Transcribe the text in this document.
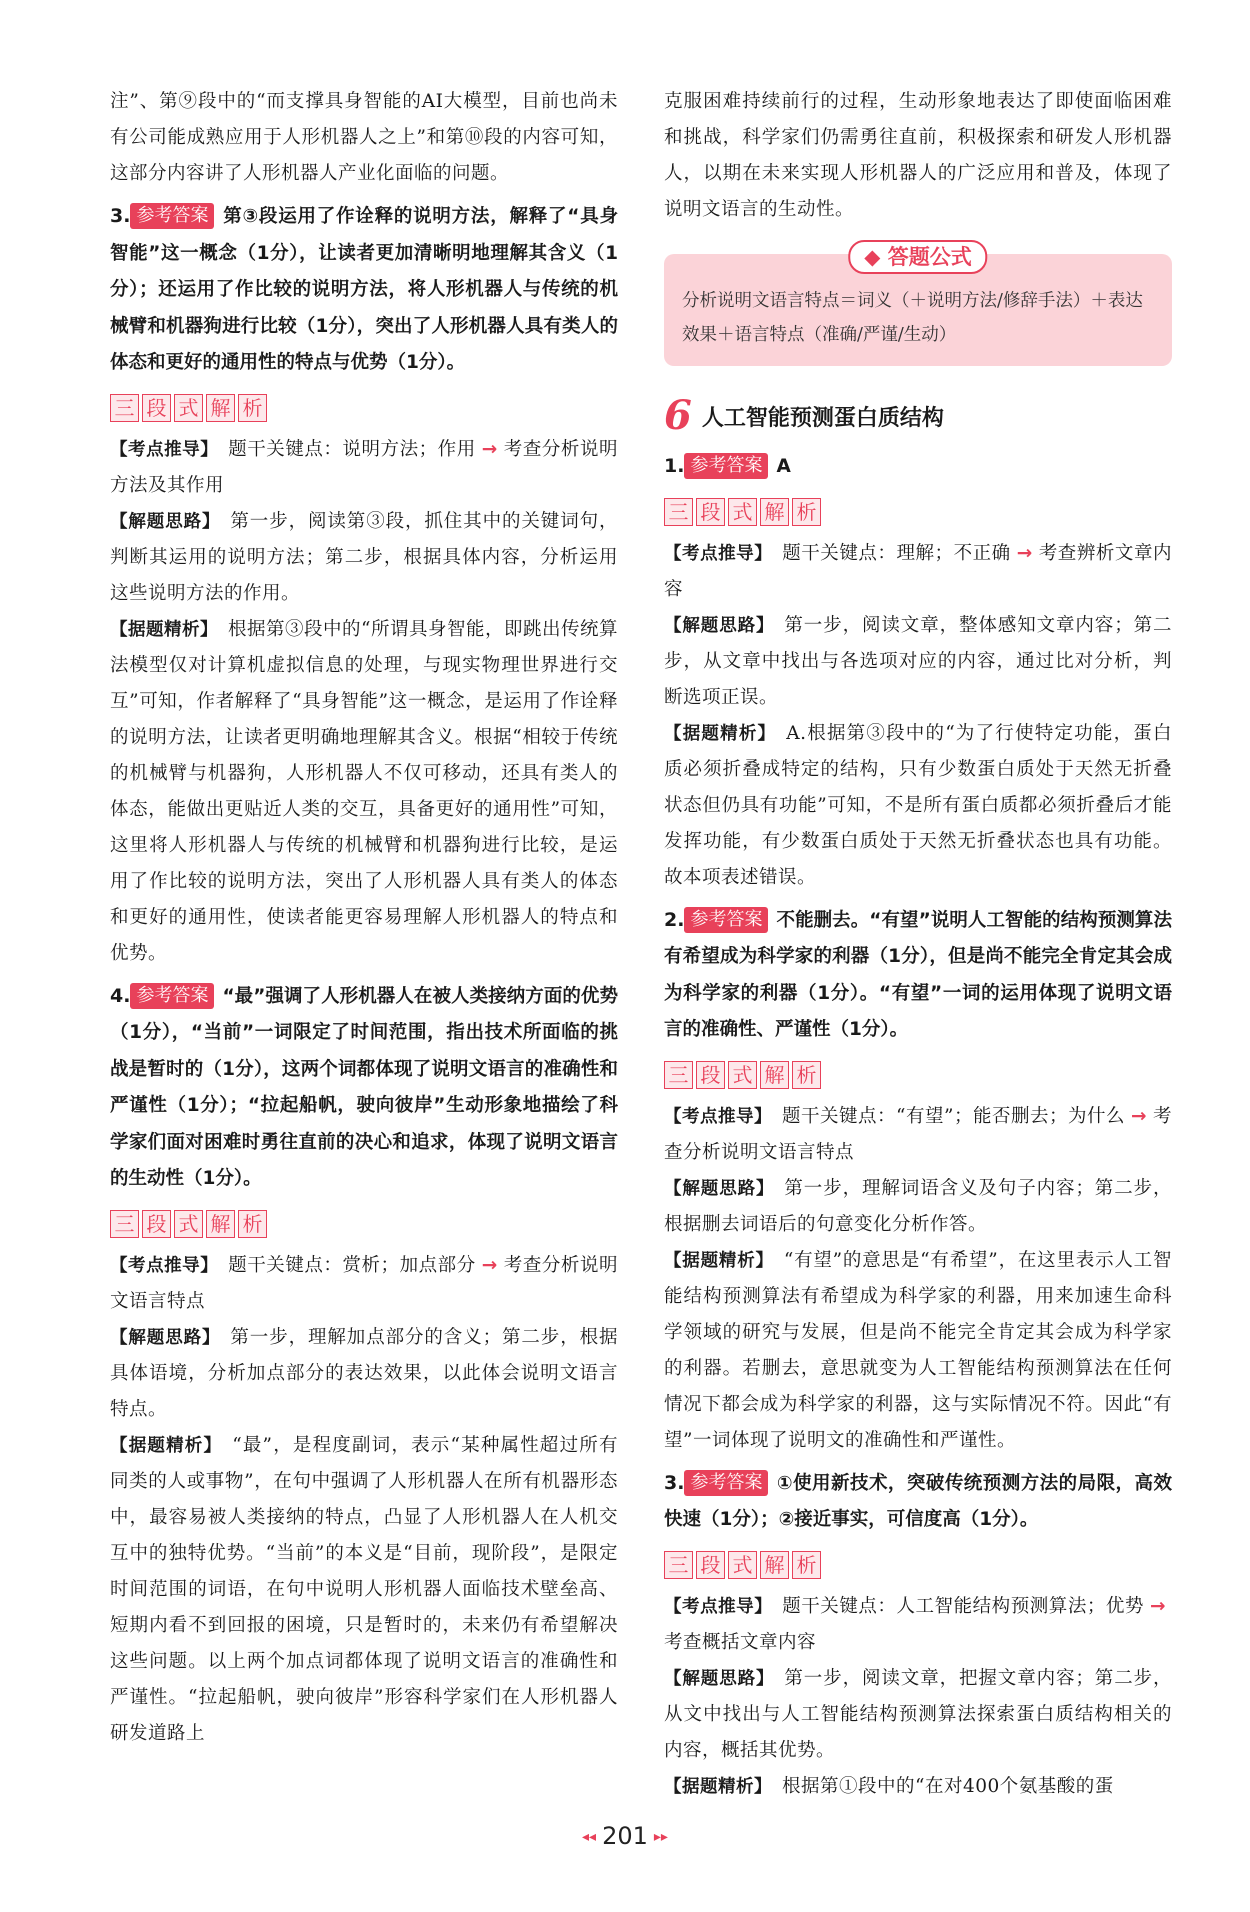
注”、第⑨段中的“而支撑具身智能的AI大模型，目前也尚未有公司能成熟应用于人形机器人之上”和第⑩段的内容可知，这部分内容讲了人形机器人产业化面临的问题。

3. 参考答案 第③段运用了作诠释的说明方法，解释了“具身智能”这一概念（1分），让读者更加清晰明地理解其含义（1分）；还运用了作比较的说明方法，将人形机器人与传统的机械臂和机器狗进行比较（1分），突出了人形机器人具有类人的体态和更好的通用性的特点与优势（1分）。

三 段 式 解 析

【考点推导】 题干关键点：说明方法；作用 → 考查分析说明方法及其作用

【解题思路】 第一步，阅读第③段，抓住其中的关键词句，判断其运用的说明方法；第二步，根据具体内容，分析运用这些说明方法的作用。

【据题精析】 根据第③段中的“所谓具身智能，即跳出传统算法模型仅对计算机虚拟信息的处理，与现实物理世界进行交互”可知，作者解释了“具身智能”这一概念，是运用了作诠释的说明方法，让读者更明确地理解其含义。根据“相较于传统的机械臂与机器狗，人形机器人不仅可移动，还具有类人的体态，能做出更贴近人类的交互，具备更好的通用性”可知，这里将人形机器人与传统的机械臂和机器狗进行比较，是运用了作比较的说明方法，突出了人形机器人具有类人的体态和更好的通用性，使读者能更容易理解人形机器人的特点和优势。

4. 参考答案 “最”强调了人形机器人在被人类接纳方面的优势（1分），“当前”一词限定了时间范围，指出技术所面临的挑战是暂时的（1分），这两个词都体现了说明文语言的准确性和严谨性（1分）；“拉起船帆，驶向彼岸”生动形象地描绘了科学家们面对困难时勇往直前的决心和追求，体现了说明文语言的生动性（1分）。

三 段 式 解 析

【考点推导】 题干关键点：赏析；加点部分 → 考查分析说明文语言特点

【解题思路】 第一步，理解加点部分的含义；第二步，根据具体语境，分析加点部分的表达效果，以此体会说明文语言特点。

【据题精析】 “最”，是程度副词，表示“某种属性超过所有同类的人或事物”，在句中强调了人形机器人在所有机器形态中，最容易被人类接纳的特点，凸显了人形机器人在人机交互中的独特优势。“当前”的本义是“目前，现阶段”，是限定时间范围的词语，在句中说明人形机器人面临技术壁垒高、短期内看不到回报的困境，只是暂时的，未来仍有希望解决这些问题。以上两个加点词都体现了说明文语言的准确性和严谨性。“拉起船帆，驶向彼岸”形容科学家们在人形机器人研发道路上

克服困难持续前行的过程，生动形象地表达了即使面临困难和挑战，科学家们仍需勇往直前，积极探索和研发人形机器人，以期在未来实现人形机器人的广泛应用和普及，体现了说明文语言的生动性。

◆ 答题公式

分析说明文语言特点＝词义（＋说明方法/修辞手法）＋表达效果＋语言特点（准确/严谨/生动）

6 人工智能预测蛋白质结构

1. 参考答案 A

三 段 式 解 析

【考点推导】 题干关键点：理解；不正确 → 考查辨析文章内容

【解题思路】 第一步，阅读文章，整体感知文章内容；第二步，从文章中找出与各选项对应的内容，通过比对分析，判断选项正误。

【据题精析】 A.根据第③段中的“为了行使特定功能，蛋白质必须折叠成特定的结构，只有少数蛋白质处于天然无折叠状态但仍具有功能”可知，不是所有蛋白质都必须折叠后才能发挥功能，有少数蛋白质处于天然无折叠状态也具有功能。故本项表述错误。

2. 参考答案 不能删去。“有望”说明人工智能的结构预测算法有希望成为科学家的利器（1分），但是尚不能完全肯定其会成为科学家的利器（1分）。“有望”一词的运用体现了说明文语言的准确性、严谨性（1分）。

三 段 式 解 析

【考点推导】 题干关键点：“有望”；能否删去；为什么 → 考查分析说明文语言特点

【解题思路】 第一步，理解词语含义及句子内容；第二步，根据删去词语后的句意变化分析作答。

【据题精析】 “有望”的意思是“有希望”，在这里表示人工智能结构预测算法有希望成为科学家的利器，用来加速生命科学领域的研究与发展，但是尚不能完全肯定其会成为科学家的利器。若删去，意思就变为人工智能结构预测算法在任何情况下都会成为科学家的利器，这与实际情况不符。因此“有望”一词体现了说明文的准确性和严谨性。

3. 参考答案 ①使用新技术，突破传统预测方法的局限，高效快速（1分）；②接近事实，可信度高（1分）。

三 段 式 解 析

【考点推导】 题干关键点：人工智能结构预测算法；优势 →考查概括文章内容

【解题思路】 第一步，阅读文章，把握文章内容；第二步，从文中找出与人工智能结构预测算法探索蛋白质结构相关的内容，概括其优势。

【据题精析】 根据第①段中的“在对400个氨基酸的蛋

◂◂ 201 ▸▸
